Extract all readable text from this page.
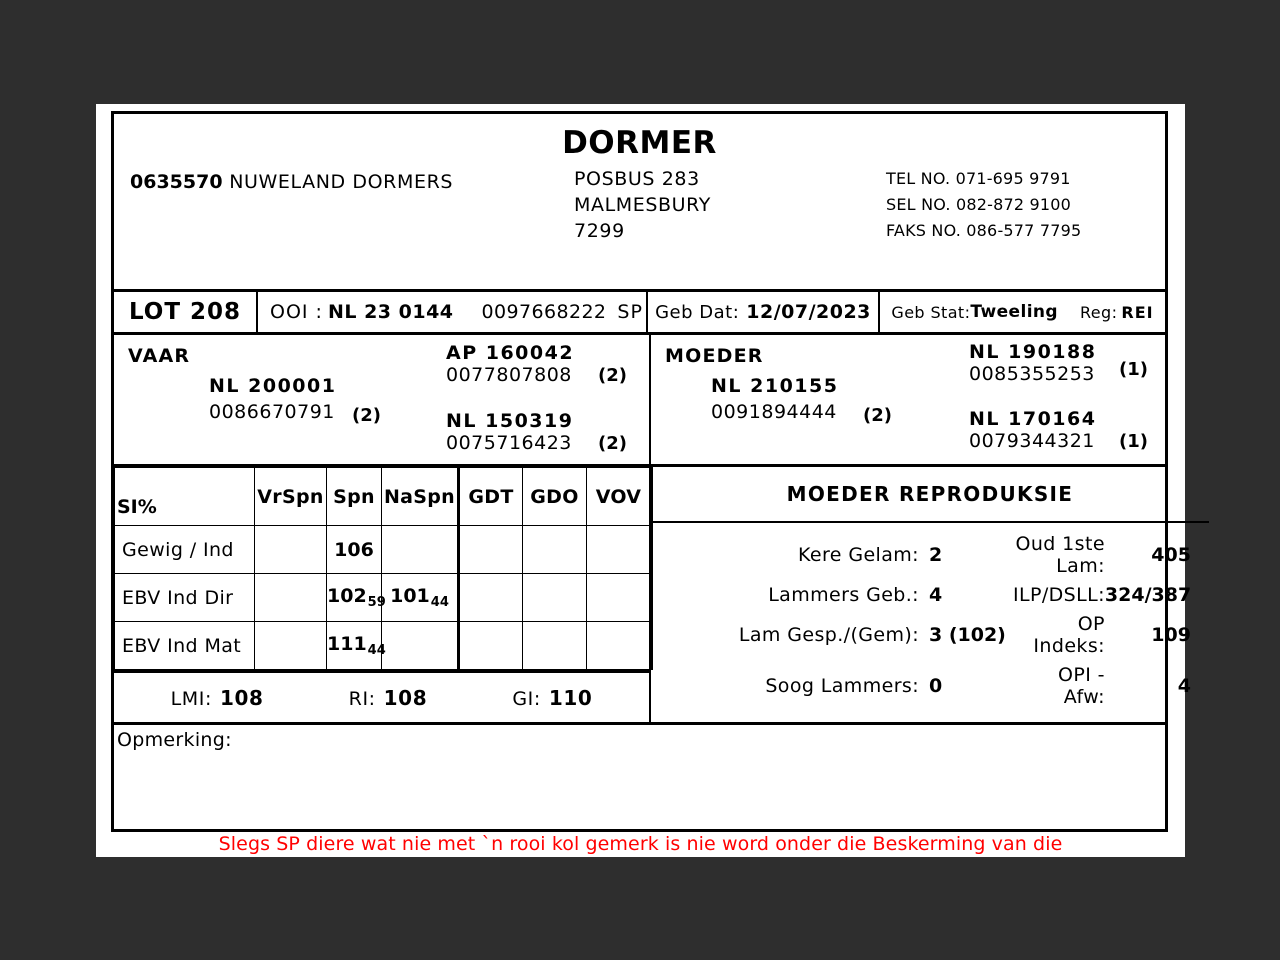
DORMER
0635570 NUWELAND DORMERS	POSBUS 283
MALMESBURY
7299
TEL NO. 071-695 9791
SEL NO. 082-872 9100
FAKS NO. 086-577 7795
LOT 208 OOI : NL 23 0144 0097668222 SP Geb Dat: 12/07/2023 Geb Stat: Tweeling Reg: REI
VAAR
NL 200001
0086670791 (2)
AP 160042
0077807808 (2)
NL 150319
0075716423 (2)
MOEDER
NL 210155
0091894444 (2)
NL 190188
0085355253 (1)
NL 170164
0079344321 (1)
SI%	VrSpn	Spn	NaSpn	GDT	GDO	VOV
Gewig / Ind		106				
EBV Ind Dir		$102_{59}$	$101_{44}$			
EBV Ind Mat		$111_{44}$				
LMI: 108	RI: 108	GI: 110
MOEDER REPRODUKSIE
Kere Gelam: 2	Oud 1ste Lam:	405
Lammers Geb.: 4	ILP/DSLL: 324/387
Lam Gesp./(Gem): 3 (102)	OP Indeks:	109
Soog Lammers: 0	OPI - Afw:	4
Opmerking:
Slegs SP diere wat nie met `n rooi kol gemerk is nie word onder die Beskerming van die
